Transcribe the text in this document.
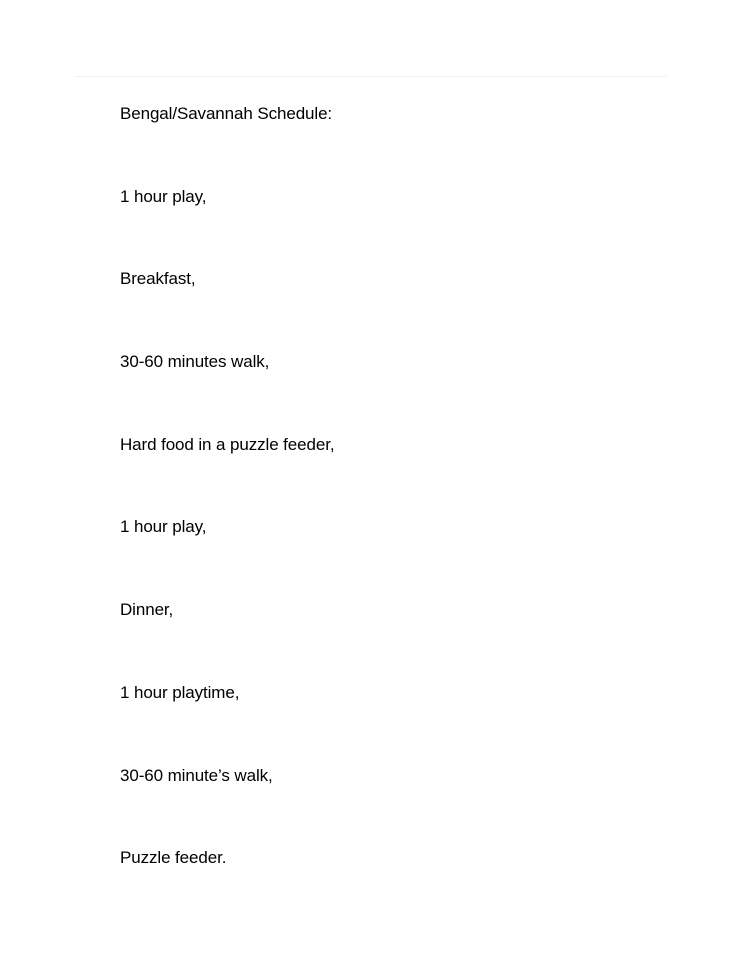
Bengal/Savannah Schedule:
1 hour play,
Breakfast,
30-60 minutes walk,
Hard food in a puzzle feeder,
1 hour play,
Dinner,
1 hour playtime,
30-60 minute’s walk,
Puzzle feeder.
